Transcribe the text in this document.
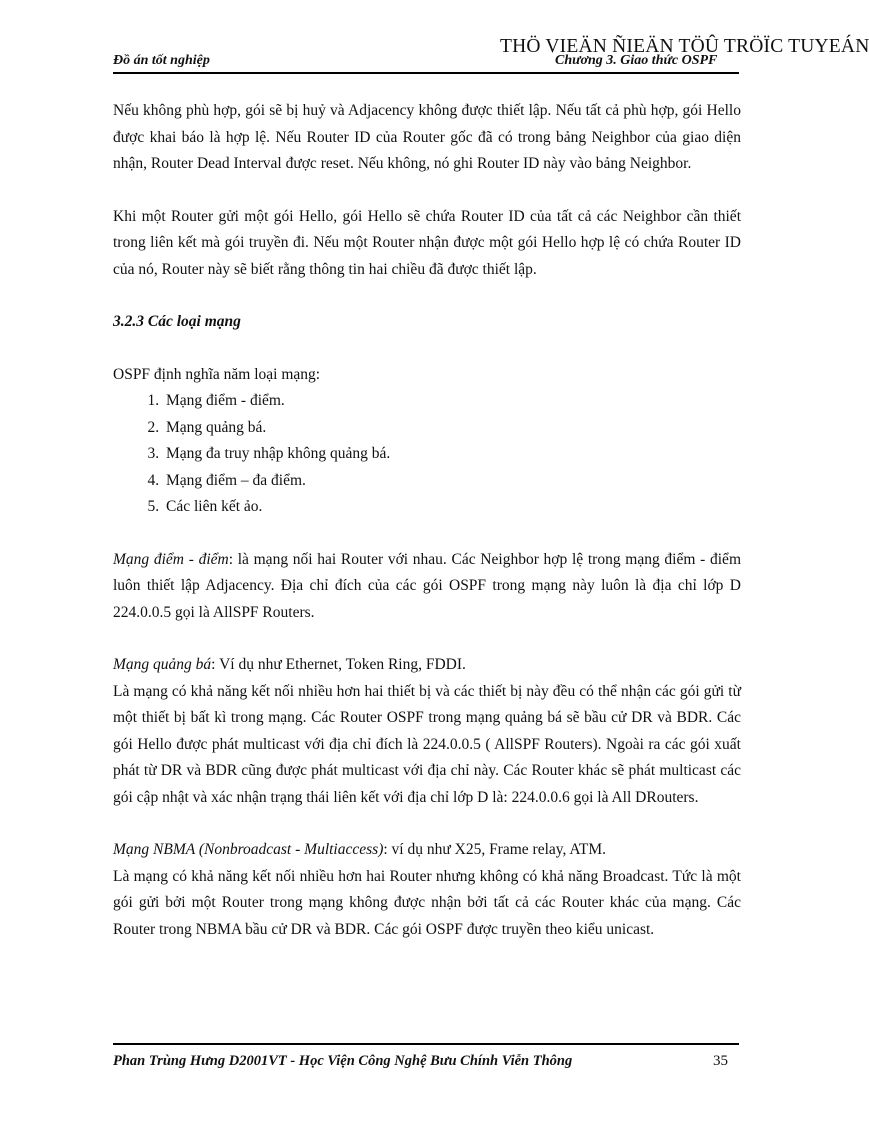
THÖ VIEÄN ÑIEÄN TÖÛ TRÖÏC TUYEÁN
Đồ án tốt nghiệp	Chương 3. Giao thức OSPF

Nếu không phù hợp, gói sẽ bị huỷ và Adjacency không được thiết lập. Nếu tất cả phù hợp, gói Hello được khai báo là hợp lệ. Nếu Router ID của Router gốc đã có trong bảng Neighbor của giao diện nhận, Router Dead Interval được reset. Nếu không, nó ghi Router ID này vào bảng Neighbor.

Khi một Router gửi một gói Hello, gói Hello sẽ chứa Router ID của tất cả các Neighbor cần thiết trong liên kết mà gói truyền đi. Nếu một Router nhận được một gói Hello hợp lệ có chứa Router ID của nó, Router này sẽ biết rằng thông tin hai chiều đã được thiết lập.

3.2.3 Các loại mạng

OSPF định nghĩa năm loại mạng:

1. Mạng điểm - điểm.
2. Mạng quảng bá.
3. Mạng đa truy nhập không quảng bá.
4. Mạng điểm – đa điểm.
5. Các liên kết ảo.

Mạng điểm - điểm: là mạng nối hai Router với nhau. Các Neighbor hợp lệ trong mạng điểm - điểm luôn thiết lập Adjacency. Địa chỉ đích của các gói OSPF trong mạng này luôn là địa chỉ lớp D 224.0.0.5 gọi là AllSPF Routers.

Mạng quảng bá: Ví dụ như Ethernet, Token Ring, FDDI.

Là mạng có khả năng kết nối nhiều hơn hai thiết bị và các thiết bị này đều có thể nhận các gói gửi từ một thiết bị bất kì trong mạng. Các Router OSPF trong mạng quảng bá sẽ bầu cử DR và BDR. Các gói Hello được phát multicast với địa chỉ đích là 224.0.0.5 ( AllSPF Routers). Ngoài ra các gói xuất phát từ DR và BDR cũng được phát multicast với địa chỉ này. Các Router khác sẽ phát multicast các gói cập nhật và xác nhận trạng thái liên kết với địa chỉ lớp D là: 224.0.0.6 gọi là All DRouters.

Mạng NBMA (Nonbroadcast - Multiaccess): ví dụ như X25, Frame relay, ATM.

Là mạng có khả năng kết nối nhiều hơn hai Router nhưng không có khả năng Broadcast. Tức là một gói gửi bởi một Router trong mạng không được nhận bởi tất cả các Router khác của mạng. Các Router trong NBMA bầu cử DR và BDR. Các gói OSPF được truyền theo kiểu unicast.

Phan Trùng Hưng D2001VT - Học Viện Công Nghệ Bưu Chính Viễn Thông	35
